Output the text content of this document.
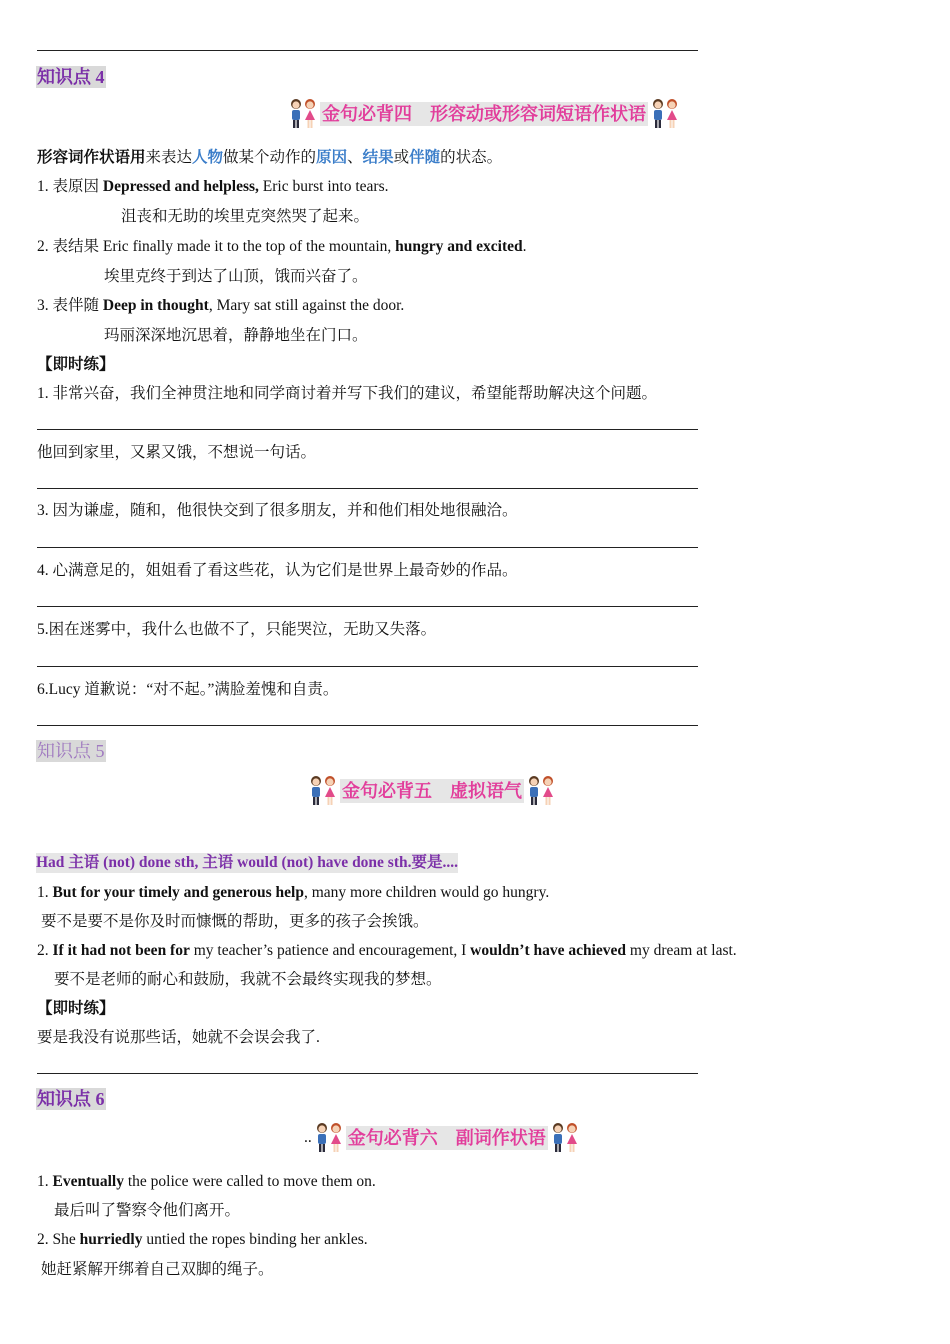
知识点 4
金句必背四　形容动或形容词短语作状语
形容词作状语用来表达人物做某个动作的原因、结果或伴随的状态。
1. 表原因 Depressed and helpless, Eric burst into tears.
沮丧和无助的埃里克突然哭了起来。
2. 表结果 Eric finally made it to the top of the mountain, hungry and excited.
埃里克终于到达了山顶，饿而兴奋了。
3. 表伴随 Deep in thought, Mary sat still against the door.
玛丽深深地沉思着，静静地坐在门口。
【即时练】
1. 非常兴奋，我们全神贯注地和同学商讨着并写下我们的建议，希望能帮助解决这个问题。
他回到家里，又累又饿，不想说一句话。
3. 因为谦虚，随和，他很快交到了很多朋友，并和他们相处地很融洽。
4. 心满意足的，姐姐看了看这些花，认为它们是世界上最奇妙的作品。
5.困在迷雾中，我什么也做不了，只能哭泣，无助又失落。
6.Lucy 道歉说：“对不起。”满脸羞愧和自责。
知识点 5
金句必背五　虚拟语气
Had 主语 (not) done sth, 主语 would (not) have done sth.要是....
1. But for your timely and generous help, many more children would go hungry.
要不是要不是你及时而慷慨的帮助，更多的孩子会挨饿。
2. If it had not been for my teacher’s patience and encouragement, I wouldn’t have achieved my dream at last.
要不是老师的耐心和鼓励，我就不会最终实现我的梦想。
【即时练】
要是我没有说那些话，她就不会误会我了.
知识点 6
.. 金句必背六　副词作状语
1. Eventually the police were called to move them on.
最后叫了警察令他们离开。
2. She hurriedly untied the ropes binding her ankles.
她赶紧解开绑着自己双脚的绳子。
